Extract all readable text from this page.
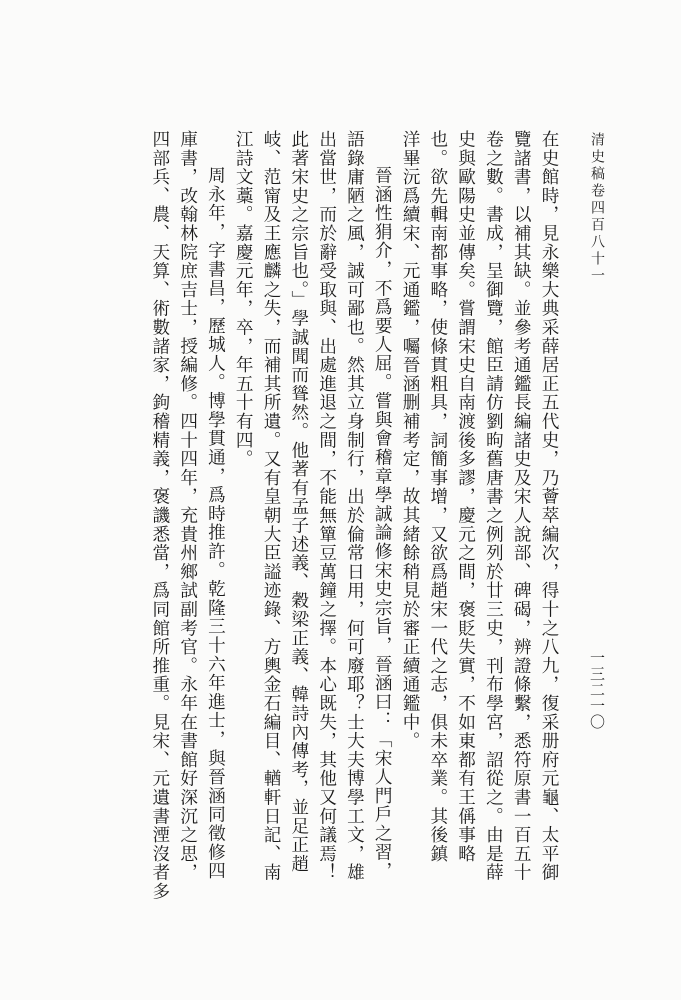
清史稿卷四百八十一
一三二一〇
在史館時，見永樂大典采薛居正五代史，乃薈萃編次，得十之八九，復采册府元龜、太平御
覽諸書，以補其缺。並參考通鑑長編諸史及宋人說部、碑碣，辨證條繫，悉符原書一百五十
卷之數。書成，呈御覽，館臣請仿劉昫舊唐書之例列於廿三史，刊布學宮，詔從之。由是薛
史與歐陽史並傳矣。嘗謂宋史自南渡後多謬，慶元之間，褒貶失實，不如東都有王偁事略
也。欲先輯南都事略，使條貫粗具，詞簡事增，又欲爲趙宋一代之志，俱未卒業。其後鎮
洋畢沅爲續宋、元通鑑，囑晉涵删補考定，故其緒餘稍見於審正續通鑑中。
晉涵性狷介，不爲要人屈。嘗與會稽章學誠論修宋史宗旨，晉涵曰：「宋人門戶之習，
語錄庸陋之風，誠可鄙也。然其立身制行，出於倫常日用，何可廢耶？士大夫博學工文，雄
出當世，而於辭受取與、出處進退之間，不能無簞豆萬鐘之擇。本心既失，其他又何議焉！
此著宋史之宗旨也。」學誠聞而聳然。他著有孟子述義、穀梁正義、韓詩內傳考，並足正趙
岐、范甯及王應麟之失，而補其所遺。又有皇朝大臣謚迹錄、方輿金石編目、輶軒日記、南
江詩文藁。嘉慶元年，卒，年五十有四。
周永年，字書昌，歷城人。博學貫通，爲時推許。乾隆三十六年進士，與晉涵同徵修四
庫書，改翰林院庶吉士，授編修。四十四年，充貴州鄉試副考官。永年在書館好深沉之思，
四部兵、農、天算、術數諸家，鉤稽精義，褒譏悉當，爲同館所推重。見宋、元遺書湮沒者多
